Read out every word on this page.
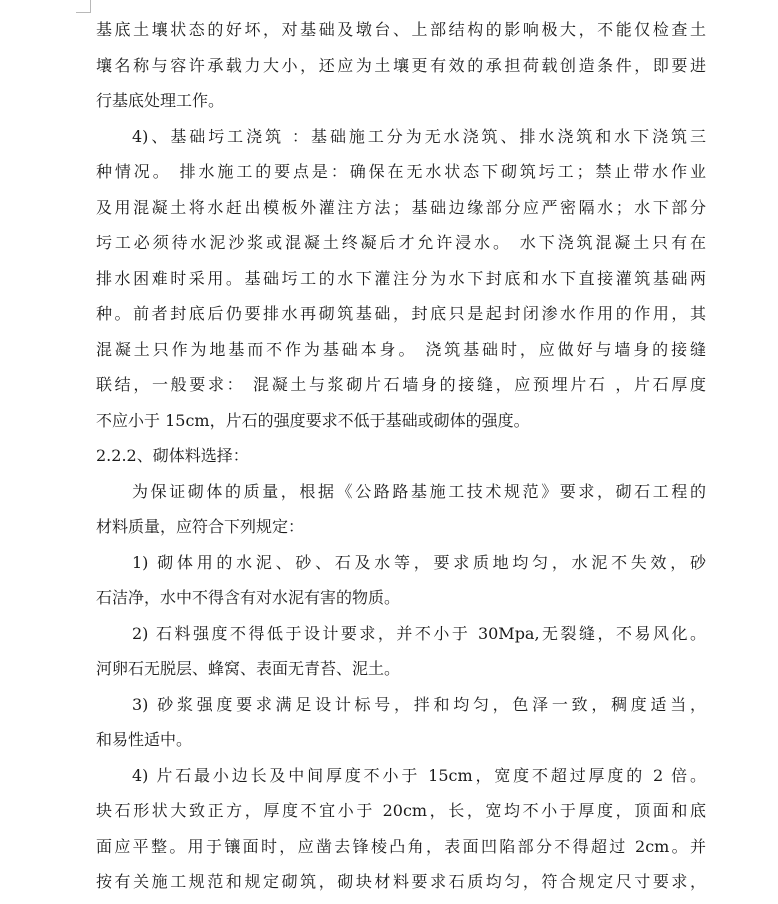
基底土壤状态的好坏，对基础及墩台、上部结构的影响极大，不能仅检查土
壤名称与容许承载力大小，还应为土壤更有效的承担荷载创造条件，即要进
行基底处理工作。
4)、基础圬工浇筑 ：基础施工分为无水浇筑、排水浇筑和水下浇筑三
种情况。 排水施工的要点是：确保在无水状态下砌筑圬工；禁止带水作业
及用混凝土将水赶出模板外灌注方法；基础边缘部分应严密隔水；水下部分
圬工必须待水泥沙浆或混凝土终凝后才允许浸水。 水下浇筑混凝土只有在
排水困难时采用。基础圬工的水下灌注分为水下封底和水下直接灌筑基础两
种。前者封底后仍要排水再砌筑基础，封底只是起封闭渗水作用的作用，其
混凝土只作为地基而不作为基础本身。 浇筑基础时，应做好与墙身的接缝
联结，一般要求： 混凝土与浆砌片石墙身的接缝，应预埋片石 ，片石厚度
不应小于 15cm，片石的强度要求不低于基础或砌体的强度。
2.2.2、砌体料选择：
为保证砌体的质量，根据《公路路基施工技术规范》要求，砌石工程的
材料质量，应符合下列规定：
1) 砌体用的水泥、砂、石及水等，要求质地均匀，水泥不失效，砂
石洁净，水中不得含有对水泥有害的物质。
2) 石料强度不得低于设计要求，并不小于 30Mpa,无裂缝，不易风化。
河卵石无脱层、蜂窝、表面无青苔、泥土。
3) 砂浆强度要求满足设计标号，拌和均匀，色泽一致，稠度适当，
和易性适中。
4) 片石最小边长及中间厚度不小于 15cm，宽度不超过厚度的 2 倍。
块石形状大致正方，厚度不宜小于 20cm，长，宽均不小于厚度，顶面和底
面应平整。用于镶面时，应凿去锋棱凸角，表面凹陷部分不得超过 2cm。并
按有关施工规范和规定砌筑，砌块材料要求石质均匀，符合规定尺寸要求，
